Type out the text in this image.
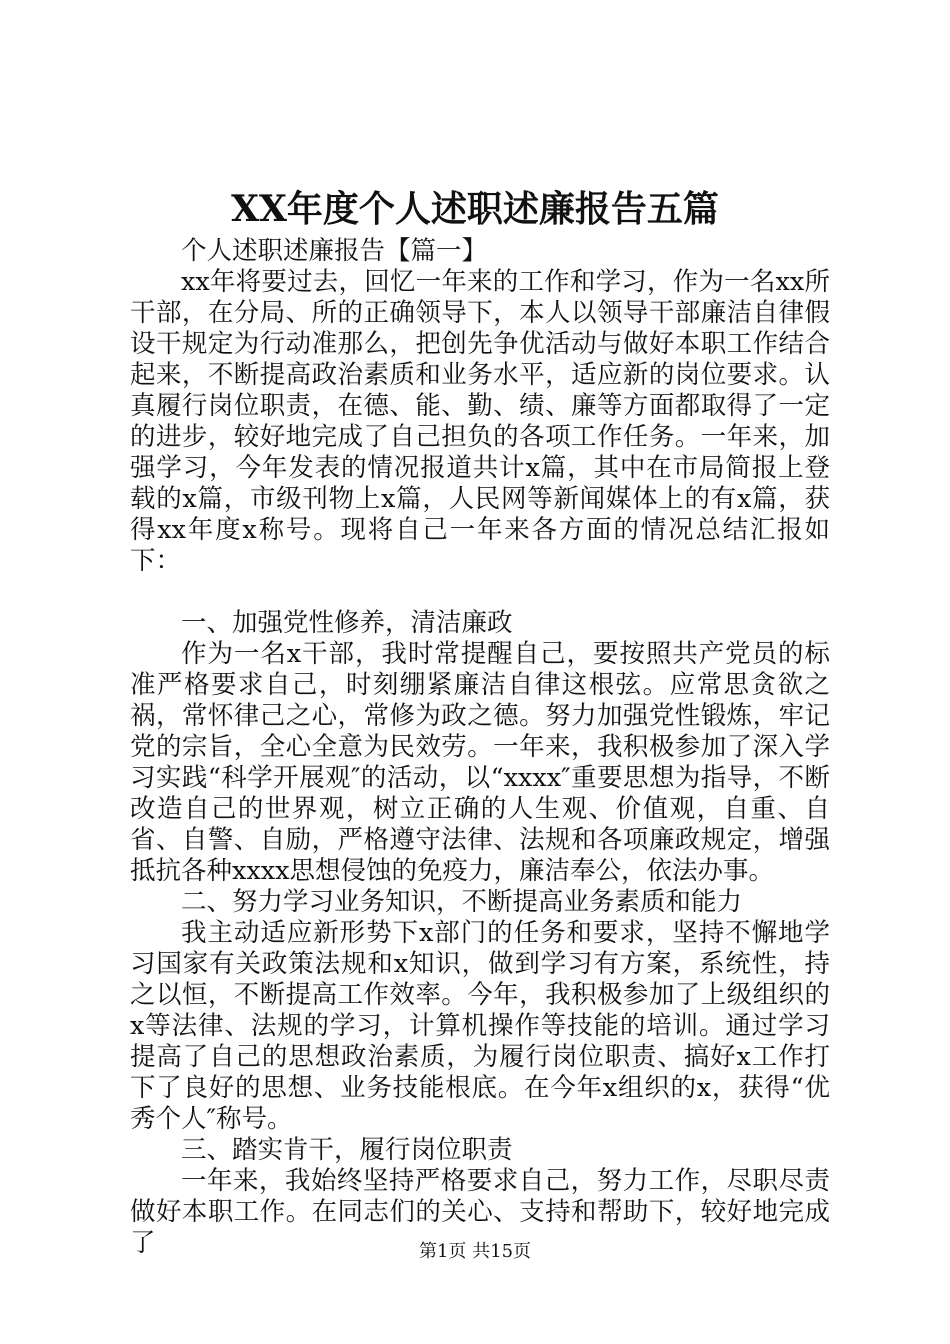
XX年度个人述职述廉报告五篇

个人述职述廉报告【篇一】

xx年将要过去，回忆一年来的工作和学习，作为一名xx所干部，在分局、所的正确领导下，本人以领导干部廉洁自律假设干规定为行动准那么，把创先争优活动与做好本职工作结合起来，不断提高政治素质和业务水平，适应新的岗位要求。认真履行岗位职责，在德、能、勤、绩、廉等方面都取得了一定的进步，较好地完成了自己担负的各项工作任务。一年来，加强学习，今年发表的情况报道共计x篇，其中在市局简报上登载的x篇，市级刊物上x篇，人民网等新闻媒体上的有x篇，获得xx年度x称号。现将自己一年来各方面的情况总结汇报如下：

一、加强党性修养，清洁廉政

作为一名x干部，我时常提醒自己，要按照共产党员的标准严格要求自己，时刻绷紧廉洁自律这根弦。应常思贪欲之祸，常怀律己之心，常修为政之德。努力加强党性锻炼，牢记党的宗旨，全心全意为民效劳。一年来，我积极参加了深入学习实践“科学开展观″的活动，以“xxxx″重要思想为指导，不断改造自己的世界观，树立正确的人生观、价值观，自重、自省、自警、自励，严格遵守法律、法规和各项廉政规定，增强抵抗各种xxxx思想侵蚀的免疫力，廉洁奉公，依法办事。

二、努力学习业务知识，不断提高业务素质和能力

我主动适应新形势下x部门的任务和要求，坚持不懈地学习国家有关政策法规和x知识，做到学习有方案，系统性，持之以恒，不断提高工作效率。今年，我积极参加了上级组织的x等法律、法规的学习，计算机操作等技能的培训。通过学习提高了自己的思想政治素质，为履行岗位职责、搞好x工作打下了良好的思想、业务技能根底。在今年x组织的x，获得“优秀个人″称号。

三、踏实肯干，履行岗位职责

一年来，我始终坚持严格要求自己，努力工作，尽职尽责做好本职工作。在同志们的关心、支持和帮助下，较好地完成了	第1页 共15页
